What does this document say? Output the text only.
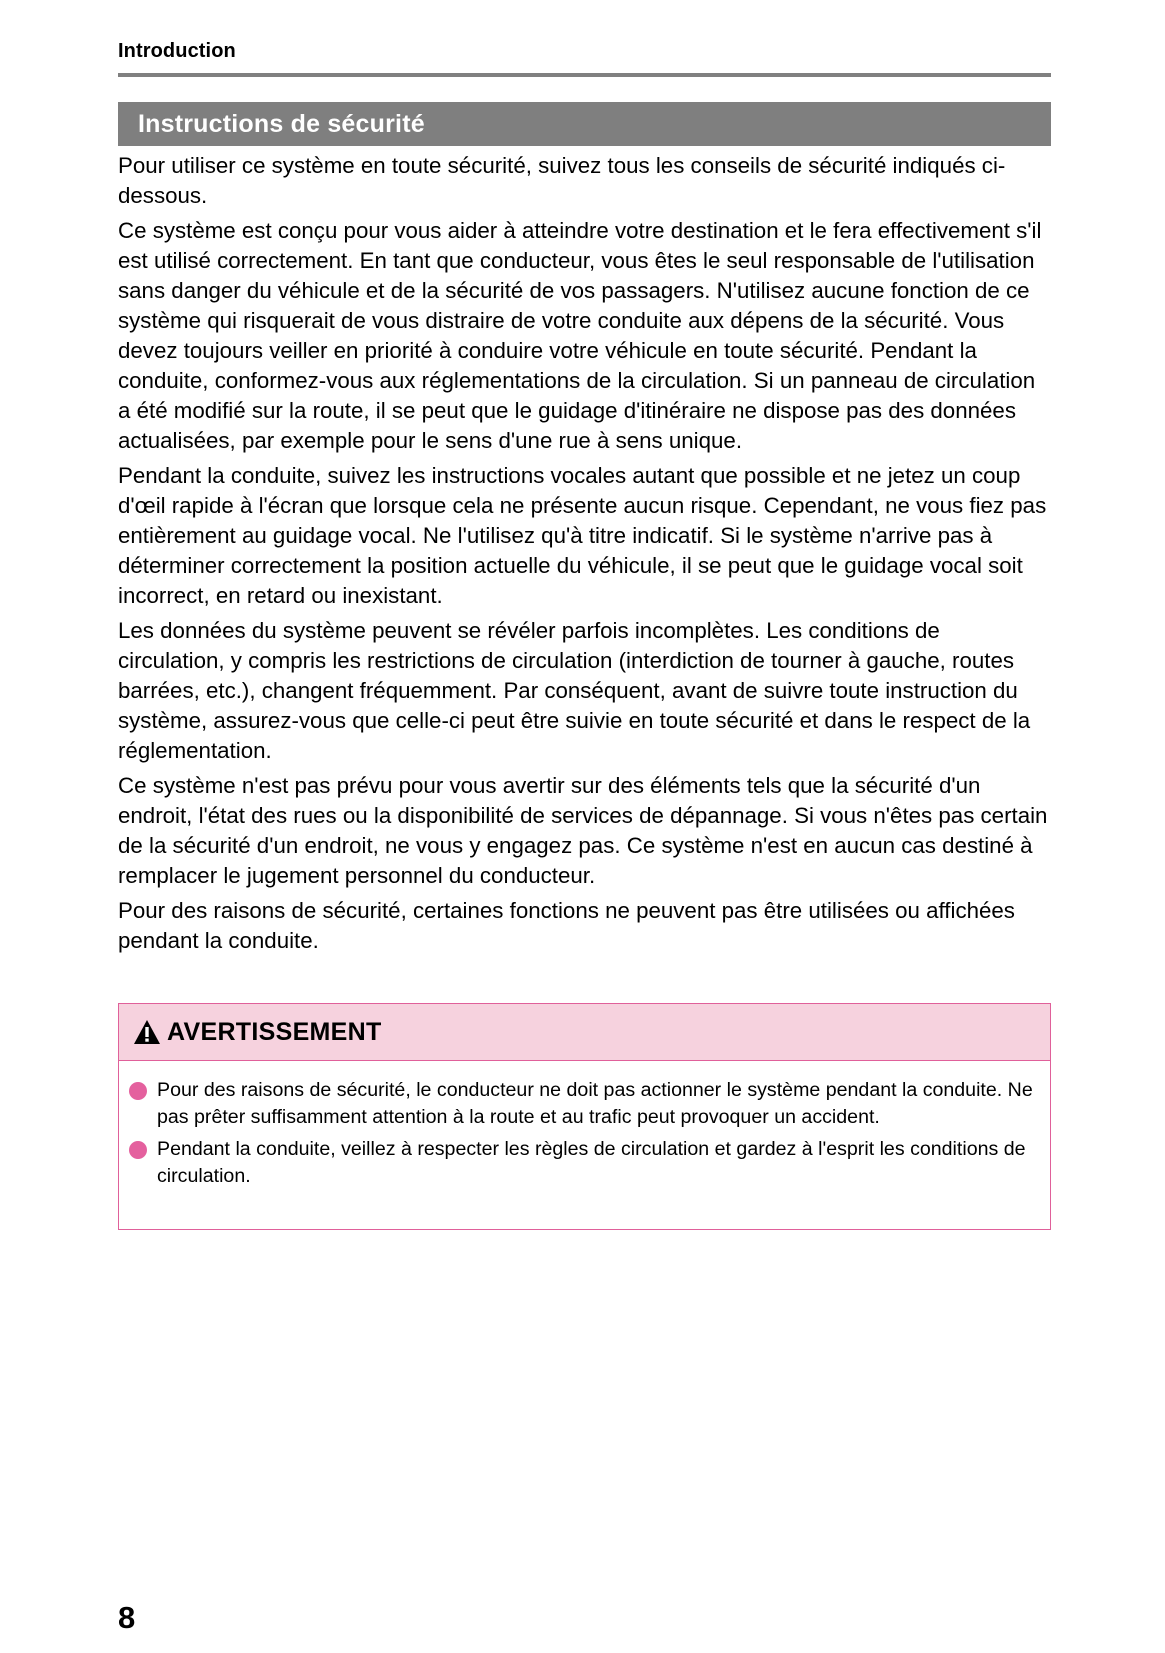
Introduction
Instructions de sécurité

Pour utiliser ce système en toute sécurité, suivez tous les conseils de sécurité indiqués ci-dessous.

Ce système est conçu pour vous aider à atteindre votre destination et le fera effectivement s'il est utilisé correctement. En tant que conducteur, vous êtes le seul responsable de l'utilisation sans danger du véhicule et de la sécurité de vos passagers. N'utilisez aucune fonction de ce système qui risquerait de vous distraire de votre conduite aux dépens de la sécurité. Vous devez toujours veiller en priorité à conduire votre véhicule en toute sécurité. Pendant la conduite, conformez-vous aux réglementations de la circulation. Si un panneau de circulation a été modifié sur la route, il se peut que le guidage d'itinéraire ne dispose pas des données actualisées, par exemple pour le sens d'une rue à sens unique.

Pendant la conduite, suivez les instructions vocales autant que possible et ne jetez un coup d'œil rapide à l'écran que lorsque cela ne présente aucun risque. Cependant, ne vous fiez pas entièrement au guidage vocal. Ne l'utilisez qu'à titre indicatif. Si le système n'arrive pas à déterminer correctement la position actuelle du véhicule, il se peut que le guidage vocal soit incorrect, en retard ou inexistant.

Les données du système peuvent se révéler parfois incomplètes. Les conditions de circulation, y compris les restrictions de circulation (interdiction de tourner à gauche, routes barrées, etc.), changent fréquemment. Par conséquent, avant de suivre toute instruction du système, assurez-vous que celle-ci peut être suivie en toute sécurité et dans le respect de la réglementation.

Ce système n'est pas prévu pour vous avertir sur des éléments tels que la sécurité d'un endroit, l'état des rues ou la disponibilité de services de dépannage. Si vous n'êtes pas certain de la sécurité d'un endroit, ne vous y engagez pas. Ce système n'est en aucun cas destiné à remplacer le jugement personnel du conducteur.

Pour des raisons de sécurité, certaines fonctions ne peuvent pas être utilisées ou affichées pendant la conduite.

AVERTISSEMENT
Pour des raisons de sécurité, le conducteur ne doit pas actionner le système pendant la conduite. Ne pas prêter suffisamment attention à la route et au trafic peut provoquer un accident.
Pendant la conduite, veillez à respecter les règles de circulation et gardez à l'esprit les conditions de circulation.
8
